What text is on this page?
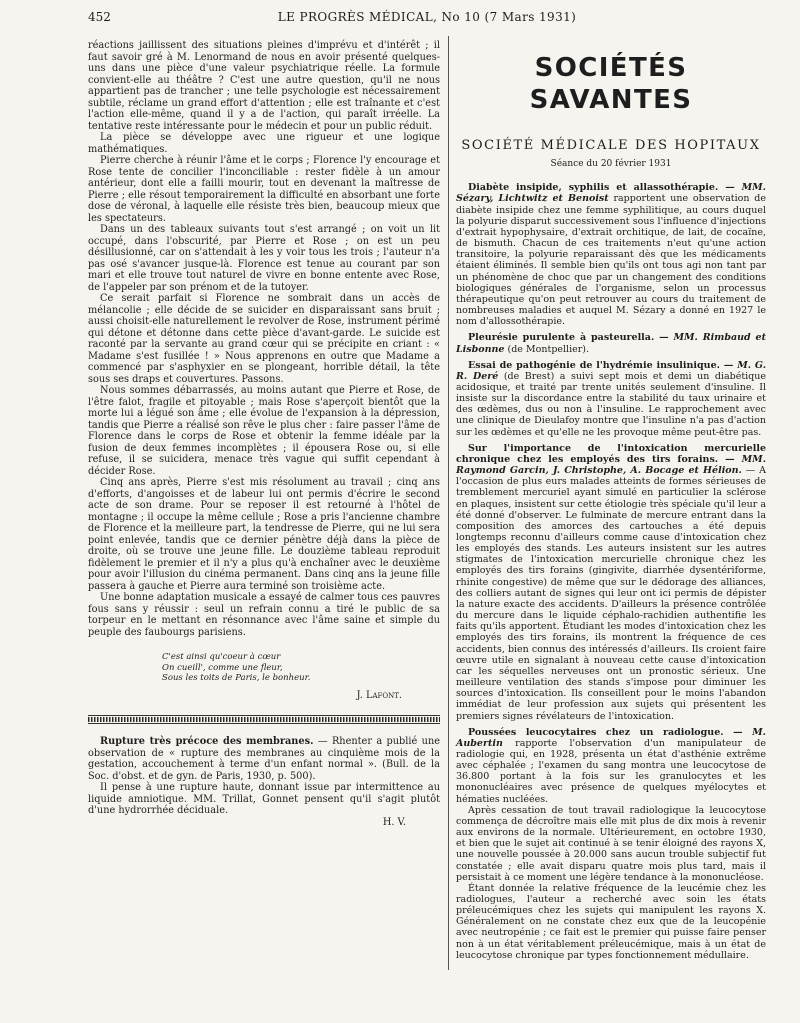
452	LE PROGRÈS MÉDICAL, No 10 (7 Mars 1931)

réactions jaillissent des situations pleines d'imprévu et d'intérêt ; il faut savoir gré à M. Lenormand de nous en avoir présenté quelques-uns dans une pièce d'une valeur psychiatrique réelle. La formule convient-elle au théâtre ? C'est une autre question, qu'il ne nous appartient pas de trancher ; une telle psychologie est nécessairement subtile, réclame un grand effort d'attention ; elle est traînante et c'est l'action elle-même, quand il y a de l'action, qui paraît irréelle. La tentative reste intéressante pour le médecin et pour un public réduit.

La pièce se développe avec une rigueur et une logique mathématiques.

Pierre cherche à réunir l'âme et le corps ; Florence l'y encourage et Rose tente de concilier l'inconciliable : rester fidèle à un amour antérieur, dont elle a failli mourir, tout en devenant la maîtresse de Pierre ; elle résout temporairement la difficulté en absorbant une forte dose de véronal, à laquelle elle résiste très bien, beaucoup mieux que les spectateurs.

Dans un des tableaux suivants tout s'est arrangé ; on voit un lit occupé, dans l'obscurité, par Pierre et Rose ; on est un peu désillusionné, car on s'attendait à les y voir tous les trois ; l'auteur n'a pas osé s'avancer jusque-là. Florence est tenue au courant par son mari et elle trouve tout naturel de vivre en bonne entente avec Rose, de l'appeler par son prénom et de la tutoyer.

Ce serait parfait si Florence ne sombrait dans un accès de mélancolie ; elle décide de se suicider en disparaissant sans bruit ; aussi choisit-elle naturellement le revolver de Rose, instrument périmé qui détone et détonne dans cette pièce d'avant-garde. Le suicide est raconté par la servante au grand cœur qui se précipite en criant : « Madame s'est fusillée ! » Nous apprenons en outre que Madame a commencé par s'asphyxier en se plongeant, horrible détail, la tête sous ses draps et couvertures. Passons.

Nous sommes débarrassés, au moins autant que Pierre et Rose, de l'être falot, fragile et pitoyable ; mais Rose s'aperçoit bientôt que la morte lui a légué son âme ; elle évolue de l'expansion à la dépression, tandis que Pierre a réalisé son rêve le plus cher : faire passer l'âme de Florence dans le corps de Rose et obtenir la femme idéale par la fusion de deux femmes incomplètes ; il épousera Rose ou, si elle refuse, il se suicidera, menace très vague qui suffit cependant à décider Rose.

Cinq ans après, Pierre s'est mis résolument au travail ; cinq ans d'efforts, d'angoisses et de labeur lui ont permis d'écrire le second acte de son drame. Pour se reposer il est retourné à l'hôtel de montagne ; il occupe la même cellule ; Rose a pris l'ancienne chambre de Florence et la meilleure part, la tendresse de Pierre, qui ne lui sera point enlevée, tandis que ce dernier pénètre déjà dans la pièce de droite, où se trouve une jeune fille. Le douzième tableau reproduit fidèlement le premier et il n'y a plus qu'à enchaîner avec le deuxième pour avoir l'illusion du cinéma permanent. Dans cinq ans la jeune fille passera à gauche et Pierre aura terminé son troisième acte.

Une bonne adaptation musicale a essayé de calmer tous ces pauvres fous sans y réussir : seul un refrain connu a tiré le public de sa torpeur en le mettant en résonnance avec l'âme saine et simple du peuple des faubourgs parisiens.

C'est ainsi qu'coeur à cœur
On cueill', comme une fleur,
Sous les toits de Paris, le bonheur.

J. Lafont.

Rupture très précoce des membranes. — Rhenter a publié une observation de « rupture des membranes au cinquième mois de la gestation, accouchement à terme d'un enfant normal ». (Bull. de la Soc. d'obst. et de gyn. de Paris, 1930, p. 500).

Il pense à une rupture haute, donnant issue par intermittence au liquide amniotique. MM. Trillat, Gonnet pensent qu'il s'agit plutôt d'une hydrorrhée déciduale.

H. V.

SOCIÉTÉS SAVANTES
SOCIÉTÉ MÉDICALE DES HOPITAUX
Séance du 20 février 1931

Diabète insipide, syphilis et allassothérapie. — MM. Sézary, Lichtwitz et Benoist rapportent une observation de diabète insipide chez une femme syphilitique, au cours duquel la polyurie disparut successivement sous l'influence d'injections d'extrait hypophysaire, d'extrait orchitique, de lait, de cocaïne, de bismuth. Chacun de ces traitements n'eut qu'une action transitoire, la polyurie reparaissant dès que les médicaments étaient éliminés. Il semble bien qu'ils ont tous agi non tant par un phénomène de choc que par un changement des conditions biologiques générales de l'organisme, selon un processus thérapeutique qu'on peut retrouver au cours du traitement de nombreuses maladies et auquel M. Sézary a donné en 1927 le nom d'allossothérapie.

Pleurésie purulente à pasteurella. — MM. Rimbaud et Lisbonne (de Montpellier).

Essai de pathogénie de l'hydrémie insulinique. — M. G. R. Deré (de Brest) a suivi sept mois et demi un diabétique acidosique, et traité par trente unités seulement d'insuline. Il insiste sur la discordance entre la stabilité du taux urinaire et des œdèmes, dus ou non à l'insuline. Le rapprochement avec une clinique de Dieulafoy montre que l'insuline n'a pas d'action sur les œdèmes et qu'elle ne les provoque même peut-être pas.

Sur l'importance de l'intoxication mercurielle chronique chez les employés des tirs forains. — MM. Raymond Garcin, J. Christophe, A. Bocage et Hélion. — A l'occasion de plus eurs malades atteints de formes sérieuses de tremblement mercuriel ayant simulé en particulier la sclérose en plaques, insistent sur cette étiologie très spéciale qu'il leur a été donné d'observer. Le fulminate de mercure entrant dans la composition des amorces des cartouches a été depuis longtemps reconnu d'ailleurs comme cause d'intoxication chez les employés des stands. Les auteurs insistent sur les autres stigmates de l'intoxication mercurielle chronique chez les employés des tirs forains (gingivite, diarrhée dysentériforme, rhinite congestive) de même que sur le dédorage des alliances, des colliers autant de signes qui leur ont ici permis de dépister la nature exacte des accidents. D'ailleurs la présence contrôlée du mercure dans le liquide céphalo-rachidien authentifie les faits qu'ils apportent. Étudiant les modes d'intoxication chez les employés des tirs forains, ils montrent la fréquence de ces accidents, bien connus des intéressés d'ailleurs. Ils croient faire œuvre utile en signalant à nouveau cette cause d'intoxication car les séquelles nerveuses ont un pronostic sérieux. Une meilleure ventilation des stands s'impose pour diminuer les sources d'intoxication. Ils conseillent pour le moins l'abandon immédiat de leur profession aux sujets qui présentent les premiers signes révélateurs de l'intoxication.

Poussées leucocytaires chez un radiologue. — M. Aubertin rapporte l'observation d'un manipulateur de radiologie qui, en 1928, présenta un état d'asthénie extrême avec céphalée ; l'examen du sang montra une leucocytose de 36.800 portant à la fois sur les granulocytes et les mononucléaires avec présence de quelques myélocytes et hématies nucléées.

Après cessation de tout travail radiologique la leucocytose commença de décroître mais elle mit plus de dix mois à revenir aux environs de la normale. Ultérieurement, en octobre 1930, et bien que le sujet ait continué à se tenir éloigné des rayons X, une nouvelle poussée à 20.000 sans aucun trouble subjectif fut constatée ; elle avait disparu quatre mois plus tard, mais il persistait à ce moment une légère tendance à la mononucléose.

Étant donnée la relative fréquence de la leucémie chez les radiologues, l'auteur a recherché avec soin les états préleucémiques chez les sujets qui manipulent les rayons X. Généralement on ne constate chez eux que de la leucopénie avec neutropénie ; ce fait est le premier qui puisse faire penser non à un état véritablement préleucémique, mais à un état de leucocytose chronique par types fonctionnement médullaire.
